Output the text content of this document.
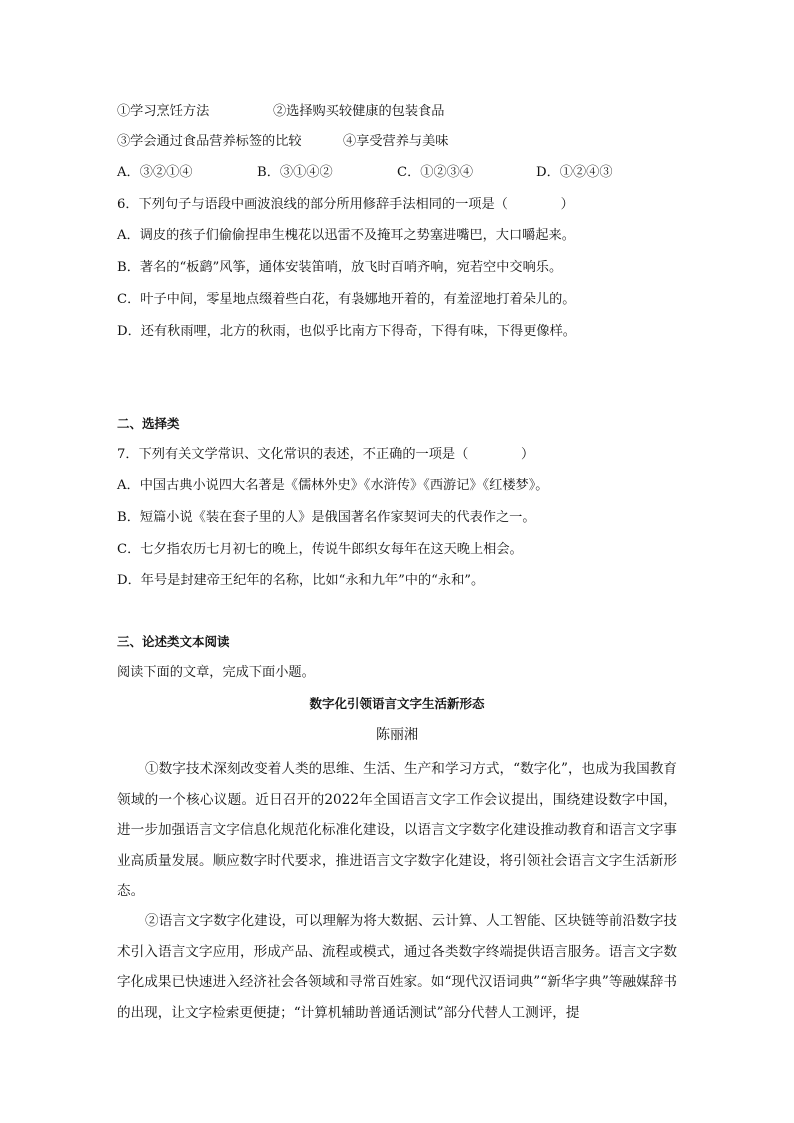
①学习烹饪方法	②选择购买较健康的包装食品
③学会通过食品营养标签的比较	④享受营养与美味
A．③②①④	B．③①④②	C．①②③④	D．①②④③
6．下列句子与语段中画波浪线的部分所用修辞手法相同的一项是（　　　　）
A．调皮的孩子们偷偷捏串生槐花以迅雷不及掩耳之势塞进嘴巴，大口嚼起来。
B．著名的“板鹞”风筝，通体安装笛哨，放飞时百哨齐响，宛若空中交响乐。
C．叶子中间，零星地点缀着些白花，有袅娜地开着的，有羞涩地打着朵儿的。
D．还有秋雨哩，北方的秋雨，也似乎比南方下得奇，下得有味，下得更像样。
二、选择类
7．下列有关文学常识、文化常识的表述，不正确的一项是（　　　　）
A．中国古典小说四大名著是《儒林外史》《水浒传》《西游记》《红楼梦》。
B．短篇小说《装在套子里的人》是俄国著名作家契诃夫的代表作之一。
C．七夕指农历七月初七的晚上，传说牛郎织女每年在这天晚上相会。
D．年号是封建帝王纪年的名称，比如“永和九年”中的“永和”。
三、论述类文本阅读
阅读下面的文章，完成下面小题。
数字化引领语言文字生活新形态
陈丽湘
①数字技术深刻改变着人类的思维、生活、生产和学习方式，“数字化”，也成为我国教育领域的一个核心议题。近日召开的2022年全国语言文字工作会议提出，围绕建设数字中国，进一步加强语言文字信息化规范化标准化建设，以语言文字数字化建设推动教育和语言文字事业高质量发展。顺应数字时代要求，推进语言文字数字化建设，将引领社会语言文字生活新形态。
②语言文字数字化建设，可以理解为将大数据、云计算、人工智能、区块链等前沿数字技术引入语言文字应用，形成产品、流程或模式，通过各类数字终端提供语言服务。语言文字数字化成果已快速进入经济社会各领域和寻常百姓家。如“现代汉语词典”“新华字典”等融媒辞书的出现，让文字检索更便捷；“计算机辅助普通话测试”部分代替人工测评，提
